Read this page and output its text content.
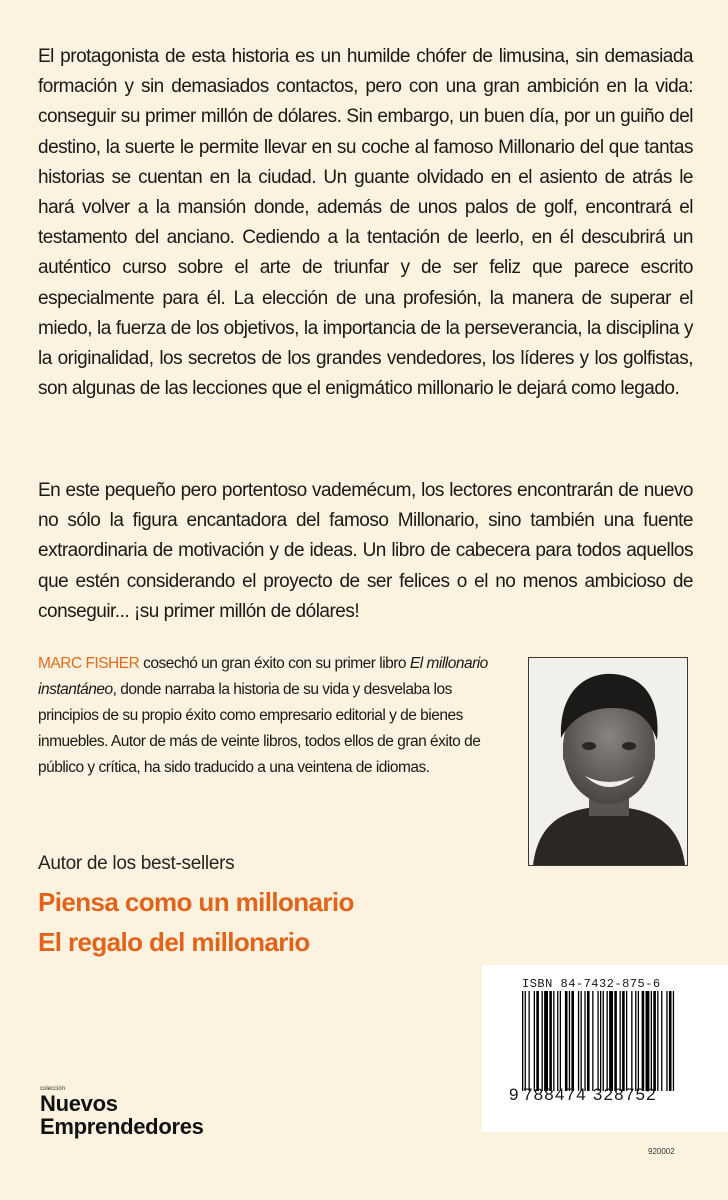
El protagonista de esta historia es un humilde chófer de limusina, sin demasiada formación y sin demasiados contactos, pero con una gran ambición en la vida: conseguir su primer millón de dólares. Sin embargo, un buen día, por un guiño del destino, la suerte le permite llevar en su coche al famoso Millonario del que tantas historias se cuentan en la ciudad. Un guante olvidado en el asiento de atrás le hará volver a la mansión donde, además de unos palos de golf, encontrará el testamento del anciano. Cediendo a la tentación de leerlo, en él descubrirá un auténtico curso sobre el arte de triunfar y de ser feliz que parece escrito especialmente para él. La elección de una profesión, la manera de superar el miedo, la fuerza de los objetivos, la importancia de la perseverancia, la disciplina y la originalidad, los secretos de los grandes vendedores, los líderes y los golfistas, son algunas de las lecciones que el enigmático millonario le dejará como legado.

En este pequeño pero portentoso vademécum, los lectores encontrarán de nuevo no sólo la figura encantadora del famoso Millonario, sino también una fuente extraordinaria de motivación y de ideas. Un libro de cabecera para todos aquellos que estén considerando el proyecto de ser felices o el no menos ambicioso de conseguir... ¡su primer millón de dólares!

MARC FISHER cosechó un gran éxito con su primer libro El millonario instantáneo, donde narraba la historia de su vida y desvelaba los principios de su propio éxito como empresario editorial y de bienes inmuebles. Autor de más de veinte libros, todos ellos de gran éxito de público y crítica, ha sido traducido a una veintena de idiomas.

Autor de los best-sellers
Piensa como un millonario
El regalo del millonario
ISBN 84-7432-875-6
9 788474 328752
920002
colección
Nuevos
Emprendedores
